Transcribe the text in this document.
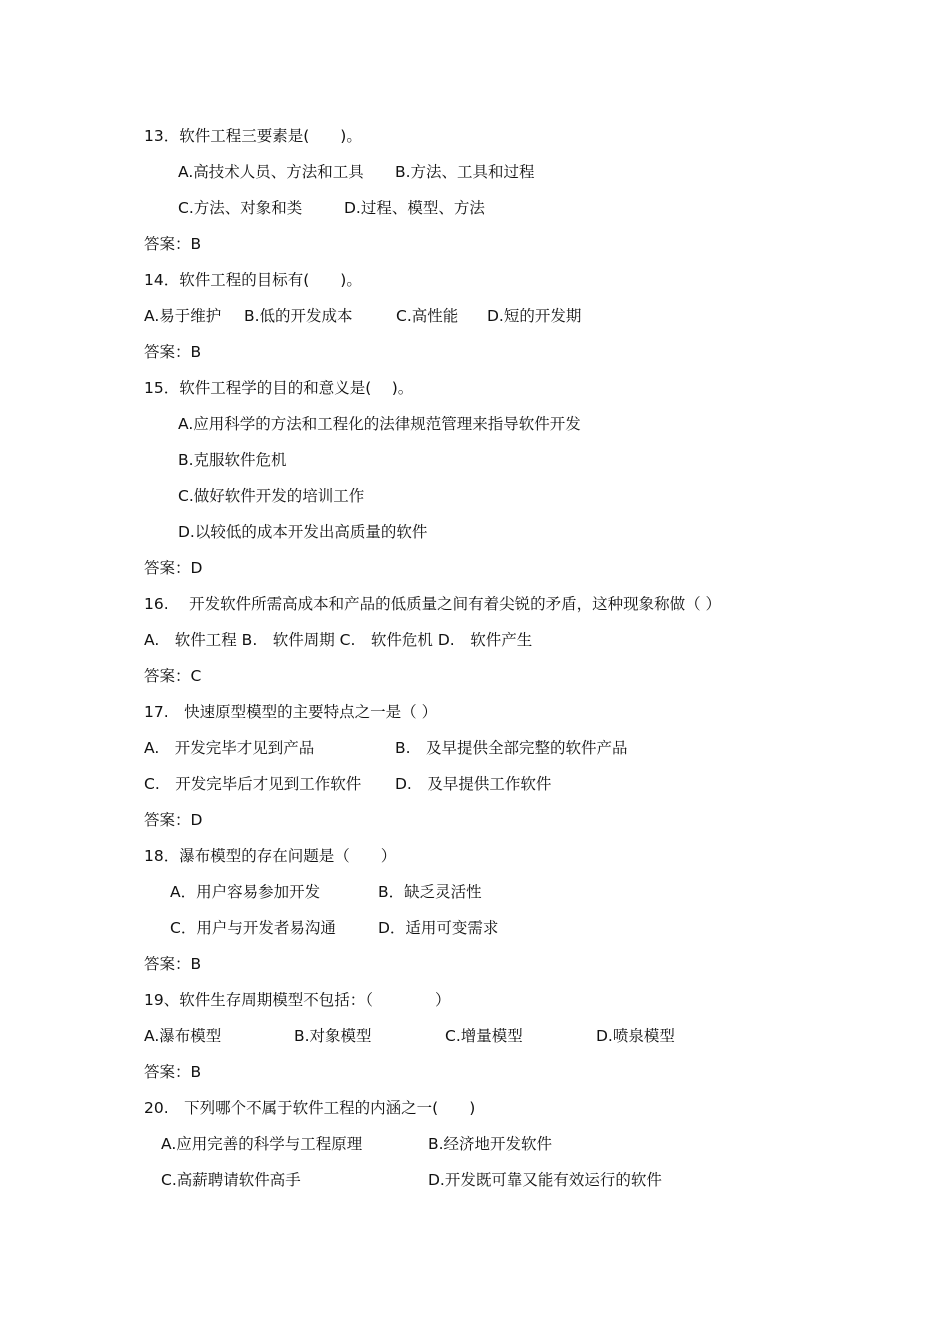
13．软件工程三要素是(　　)。

A.高技术人员、方法和工具

B.方法、工具和过程

C.方法、对象和类

	D.过程、模型、方法

答案：B
14．软件工程的目标有(　　)。

A.易于维护

B.低的开发成本

	C.高性能

D.短的开发期

答案：B
15．软件工程学的目的和意义是(　 )。
A.应用科学的方法和工程化的法律规范管理来指导软件开发
B.克服软件危机
C.做好软件开发的培训工作
D.以较低的成本开发出高质量的软件
答案：D
16.　 开发软件所需高成本和产品的低质量之间有着尖锐的矛盾，这种现象称做（ ）
A.　软件工程 B.　软件周期 C.　软件危机 D.　软件产生
答案：C
17.　快速原型模型的主要特点之一是（ ）

A.　开发完毕才见到产品

	B.　及早提供全部完整的软件产品

C.　开发完毕后才见到工作软件

D.　及早提供工作软件

答案：D
18．瀑布模型的存在问题是（　　）

A．用户容易参加开发

	B．缺乏灵活性

C．用户与开发者易沟通

	D．适用可变需求

答案：B
19、软件生存周期模型不包括：（　　　　）

A.瀑布模型

	B.对象模型

	C.增量模型

	D.喷泉模型

答案：B
20.　下列哪个不属于软件工程的内涵之一(　　)

A.应用完善的科学与工程原理

	B.经济地开发软件

C.高薪聘请软件高手

	D.开发既可靠又能有效运行的软件
